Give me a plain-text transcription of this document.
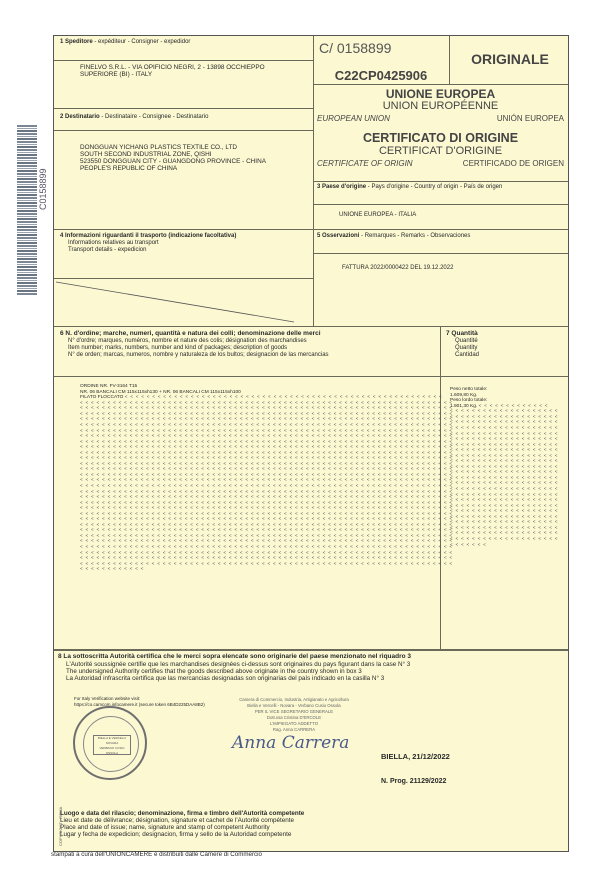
C0158899
1 Speditore - expéditeur - Consigner - expedidor
FINELVO S.R.L. - VIA OPIFICIO NEGRI, 2 - 13898 OCCHIEPPO
SUPERIORE (BI) - ITALY
2 Destinatario - Destinataire - Consignee - Destinatario
DONGGUAN YICHANG PLASTICS TEXTILE CO., LTD
SOUTH SECOND INDUSTRIAL ZONE, QISHI
523550 DONGGUAN CITY - GUANGDONG PROVINCE - CHINA
PEOPLE'S REPUBLIC OF CHINA
C/ 0158899
ORIGINALE
C22CP0425906
UNIONE EUROPEA
UNION EUROPÉENNE
EUROPEAN UNION	UNIÓN EUROPEA
CERTIFICATO DI ORIGINE
CERTIFICAT D'ORIGINE
CERTIFICATE OF ORIGIN	CERTIFICADO DE ORIGEN
3 Paese d'origine - Pays d'origine - Country of origin - País de origen
UNIONE EUROPEA - ITALIA
4 Informazioni riguardanti il trasporto (indicazione facoltativa)
Informations relatives au transport
Transport details - expedicion
5 Osservazioni - Remarques - Remarks - Observaciones
FATTURA 2022/0000422 DEL 19.12.2022
6 N. d'ordine; marche, numeri, quantità e natura dei colli; denominazione delle merci
N° d'ordre; marques, numéros, nombre et nature des colis; désignation des marchandises
Item number; marks, numbers, number and kind of packages; description of goods
N° de orden; marcas, numeros, nombre y naturaleza de los bultos; designacion de las mercancias
ORDINE NR. FV-3164 T15
NR. 06 BANCALI CM 115x115xh130 + NR. 06 BANCALI CM 115x115xh100
FILATO FLOCCATO
< < < < < < < < < < < < < < < < < < < < < < < < < < < < < < < < < < < < < < < < < < < < < < < < < < < < < < < < < <
< < < < < < < < < < < < < < < < < < < < < < < < < < < < < < < < < < < < < < < < < < < < < < < < < < < < < < < < < < < < < < < < < < < <
< < < < < < < < < < < < < < < < < < < < < < < < < < < < < < < < < < < < < < < < < < < < < < < < < < < < < < < < < < < < < < < < < < < <
< < < < < < < < < < < < < < < < < < < < < < < < < < < < < < < < < < < < < < < < < < < < < < < < < < < < < < < < < < < < < < < < < < < <
< < < < < < < < < < < < < < < < < < < < < < < < < < < < < < < < < < < < < < < < < < < < < < < < < < < < < < < < < < < < < < < < < < < <
< < < < < < < < < < < < < < < < < < < < < < < < < < < < < < < < < < < < < < < < < < < < < < < < < < < < < < < < < < < < < < < < < < < <
< < < < < < < < < < < < < < < < < < < < < < < < < < < < < < < < < < < < < < < < < < < < < < < < < < < < < < < < < < < < < < < < < < < <
< < < < < < < < < < < < < < < < < < < < < < < < < < < < < < < < < < < < < < < < < < < < < < < < < < < < < < < < < < < < < < < < < < < <
< < < < < < < < < < < < < < < < < < < < < < < < < < < < < < < < < < < < < < < < < < < < < < < < < < < < < < < < < < < < < < < < < < < <
< < < < < < < < < < < < < < < < < < < < < < < < < < < < < < < < < < < < < < < < < < < < < < < < < < < < < < < < < < < < < < < < < < < <
< < < < < < < < < < < < < < < < < < < < < < < < < < < < < < < < < < < < < < < < < < < < < < < < < < < < < < < < < < < < < < < < < < < <
< < < < < < < < < < < < < < < < < < < < < < < < < < < < < < < < < < < < < < < < < < < < < < < < < < < < < < < < < < < < < < < < < < < <
< < < < < < < < < < < < < < < < < < < < < < < < < < < < < < < < < < < < < < < < < < < < < < < < < < < < < < < < < < < < < < < < < < < <
< < < < < < < < < < < < < < < < < < < < < < < < < < < < < < < < < < < < < < < < < < < < < < < < < < < < < < < < < < < < < < < < < < < <
< < < < < < < < < < < < < < < < < < < < < < < < < < < < < < < < < < < < < < < < < < < < < < < < < < < < < < < < < < < < < < < < < < < <
< < < < < < < < < < < < < < < < < < < < < < < < < < < < < < < < < < < < < < < < < < < < < < < < < < < < < < < < < < < < < < < < < < < <
< < < < < < < < < < < < < < < < < < < < < < < < < < < < < < < < < < < < < < < < < < < < < < < < < < < < < < < < < < < < < < < < < < < <
< < < < < < < < < < < < < < < < < < < < < < < < < < < < < < < < < < < < < < < < < < < < < < < < < < < < < < < < < < < < < < < < < < < <
< < < < < < < < < < < < < < < < < < < < < < < < < < < < < < < < < < < < < < < < < < < < < < < < < < < < < < < < < < < < < < < < < < < <
< < < < < < < < < < < < < < < < < < < < < < < < < < < < < < < < < < < < < < < < < < < < < < < < < < < < < < < < < < < < < < < < < < < <
< < < < < < < < < < < < < < < < < < < < < < < < < < < < < < < < < < < < < < < < < < < < < < < < < < < < < < < < < < < < < < < < < < < <
< < < < < < < < < < < < < < < < < < < < < < < < < < < < < < < < < < < < < < < < < < < < < < < < < < < < < < < < < < < < < < < < < < < <
< < < < < < < < < < < < < < < < < < < < < < < < < < < < < < < < < < < < < < < < < < < < < < < < < < < < < < < < < < < < < < < < < < < <
< < < < < < < < < < < < < < < < < < < < < < < < < < < < < < < < < < < < < < < < < < < < < < < < < < < < < < < < < < < < < < < < < < < <
< < < < < < < < < < < < < < < < < < < < < < < < < < < < < < < < < < < < < < < < < < < < < < < < < < < < < < < < < < < < < < < < < < < <
< < < < < < < < < < < < < < < < < < < < < < < < < < < < < < < < < < < < < < < < < < < < < < < < < < < < < < < < < < < < < < < < < < < <
< < < < < < < < < < < < < < < < < < < < < < < < < < < < < < < < < < < < < < < < < < < < < < < < < < < < < < < < < < < < < < < < < < < <
< < < < < < < < < < < < < < < < < < < < < < < < < < < < < < < < < < < < < < < < < < < < < < < < < < < < < < < < < < < < < < < < < < < <
< < < < < < < < < < < < < < < < < < < < < < < < < < < < < < < < < < < < < < < < < < < < < < < < < < < < < < < < < < < < < < < < < < < <
< < < < < < < < < < < < < < < < < < < < < < < < < < < < < < < < < < < < < < < < < < < < < < < < < < < < < < < < < < < < < < < < < < < <
< < < < < < < < < < < < < < < < < < < < < < < < < < < < < < < < < < < < < < < < < < < < < < < < < < < < < < < < < < < < < < < < < < < <
< < < < < < < < < < < <
7 Quantità
Quantité
Quantity
Cantidad
Peso netto totale:
1.609,80 Kg.
Peso lordo totale:
1.901,30 Kg.
< < < < < < < < < < < < <
< < < < < < < < < < < < < < < < < < < <
< < < < < < < < < < < < < < < < < < < <
< < < < < < < < < < < < < < < < < < < <
< < < < < < < < < < < < < < < < < < < <
< < < < < < < < < < < < < < < < < < < <
< < < < < < < < < < < < < < < < < < < <
< < < < < < < < < < < < < < < < < < < <
< < < < < < < < < < < < < < < < < < < <
< < < < < < < < < < < < < < < < < < < <
< < < < < < < < < < < < < < < < < < < <
< < < < < < < < < < < < < < < < < < < <
< < < < < < < < < < < < < < < < < < < <
< < < < < < < < < < < < < < < < < < < <
< < < < < < < < < < < < < < < < < < < <
< < < < < < < < < < < < < < < < < < < <
< < < < < < < < < < < < < < < < < < < <
< < < < < < < < < < < < < < < < < < < <
< < < < < < < < < < < < < < < < < < < <
< < < < < < < < < < < < < < < < < < < <
< < < < < < < < < < < < < < < < < < < <
< < < < < < < < < < < < < < < < < < < <
< < < < < < < < < < < < < < < < < < < <
< < < < < < < < < < < < < < < < < < < <
< < < < < < < < < < < < < < < < < < < <
< < < < < < <
8 La sottoscritta Autorità certifica che le merci sopra elencate sono originarie del paese menzionato nel riquadro 3
L'Autorité soussignée certifie que les marchandises designées ci-dessus sont originaires du pays figurant dans la case N° 3
The undersigned Authority certifies that the goods described above originate in the country shown in box 3
La Autoridad infrascrita certifica que las mercancias designadas son originarias del país indicado en la casilla N° 3
For Italy Verification website visit:
https://co.camcom.infocamere.it (secure token 6B4D225DAA8B2)
BIELLA E VERCELLI
NOVARA
VERBANO CUSIO OSSOLA
Camera di Commercio, Industria, Artigianato e Agricoltura
Biella e Vercelli - Novara - Verbano Cusio Ossola
PER IL VICE SEGRETARIO GENERALE
Dott.ssa Cristina D'ERCOLE
L'IMPIEGATO ADDETTO
Rag. Anna CARRERA
Anna Carrera
BIELLA, 21/12/2022
N. Prog. 21129/2022
Luogo e data del rilascio; denominazione, firma e timbro dell'Autorità competente
Lieu et date de délivrance; désignation, signature et cachet de l'Autorité compétente
Place and date of issue; name, signature and stamp of competent Authority
Lugar y fecha de expedicion; designacion, firma y sello de la Autoridad competente
COPYRIGHT - ROMA
stampati a cura dell'UNIONCAMERE e distribuiti dalle Camere di Commercio
